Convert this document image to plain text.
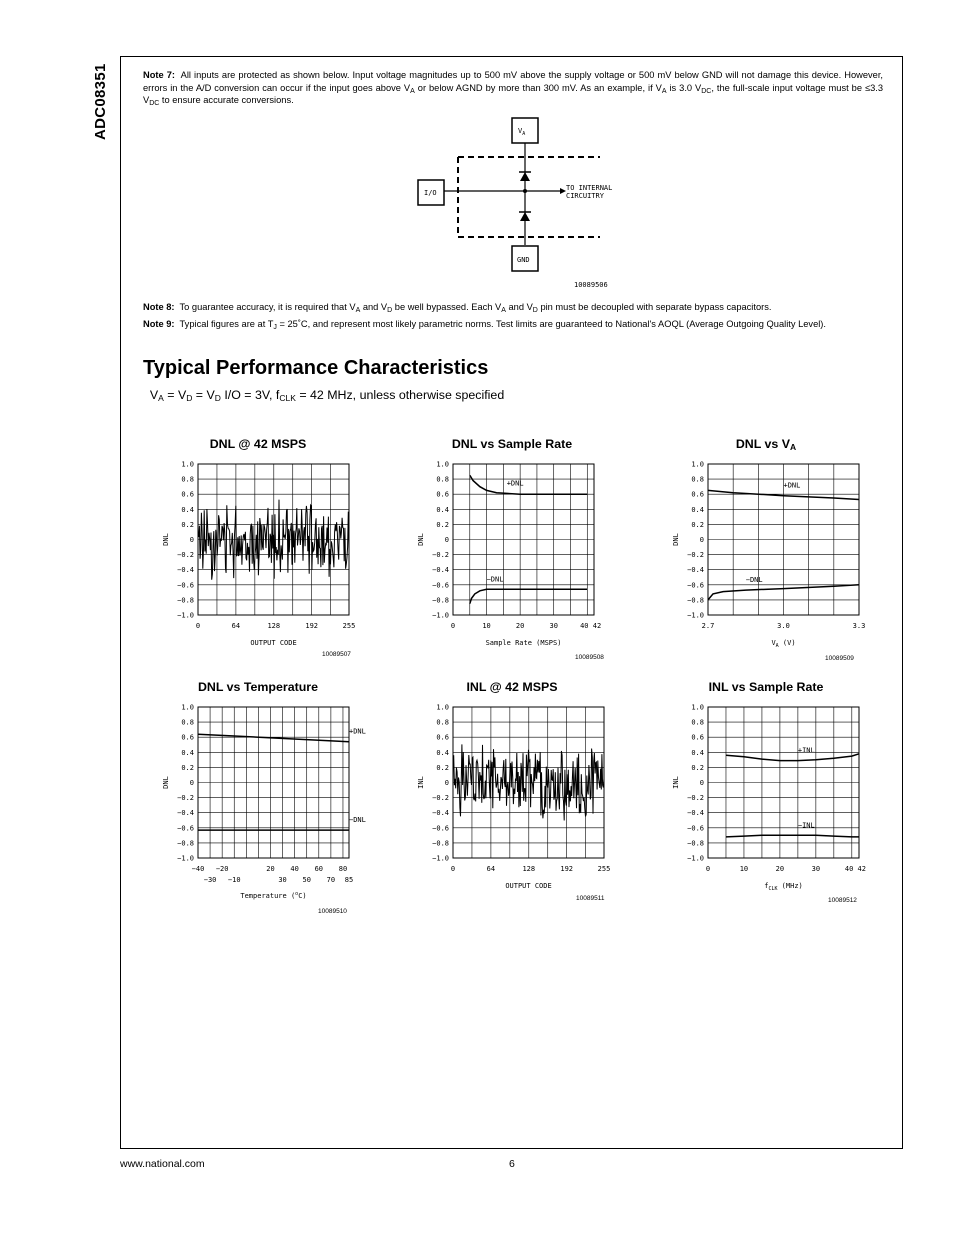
ADC08351	Note 7: All inputs are protected as shown below. Input voltage magnitudes up to 500 mV above the supply voltage or 500 mV below GND will not damage this device. However, errors in the A/D conversion can occur if the input goes above $V_A$ or below AGND by more than 300 mV. As an example, if $V_A$ is 3.0 $V_{DC}$, the full-scale input voltage must be ≤3.3 $V_{DC}$ to ensure accurate conversions.
$V_A$
I/O
TO INTERNAL
CIRCUITRY
GND
10089506
Note 8: To guarantee accuracy, it is required that $V_A$ and $V_D$ be well bypassed. Each $V_A$ and $V_D$ pin must be decoupled with separate bypass capacitors.
Note 9: Typical figures are at $T_J$ = 25˚C, and represent most likely parametric norms. Test limits are guaranteed to National's AOQL (Average Outgoing Quality Level).
Typical Performance Characteristics
$V_A = V_D = V_D$ I/O = 3V, $f_{CLK} = 42$ MHz, unless otherwise specified
DNL @ 42 MSPS	DNL vs Sample Rate	DNL vs $V_A$
DNL vs Temperature	INL @ 42 MSPS	INL vs Sample Rate
1.0
0.8
0.6
0.4
0.2
0
−0.2
−0.4
−0.6
−0.8
−1.0
0	64	128	192	255
OUTPUT CODE
DNL
1.0
0.8
0.6
0.4
0.2
0
−0.2
−0.4
−0.6
−0.8
−1.0
0	10	20	30	40 42
Sample Rate (MSPS)
DNL
+DNL
−DNL
1.0
0.8
0.6
0.4
0.2
0
−0.2
−0.4
−0.6
−0.8
−1.0
2.7	3.0	3.3
$V_A$ (V)
DNL
+DNL
−DNL
1.0
0.8
0.6
0.4
0.2
0
−0.2
−0.4
−0.6
−0.8
−1.0
−40 −20	20 40 60 80
−30 −10	30 50 70 85
Temperature ($^o$C)
DNL
+DNL
−DNL
1.0
0.8
0.6
0.4
0.2
0
−0.2
−0.4
−0.6
−0.8
−1.0
0	64	128	192	255
OUTPUT CODE
INL
1.0
0.8
0.6
0.4
0.2
0
−0.2
−0.4
−0.6
−0.8
−1.0
0	10	20	30	40 42
$f_{CLK}$ (MHz)
INL
+INL
−INL
10089507	10089508	10089509
10089510
10089511	10089512
www.national.com	6
